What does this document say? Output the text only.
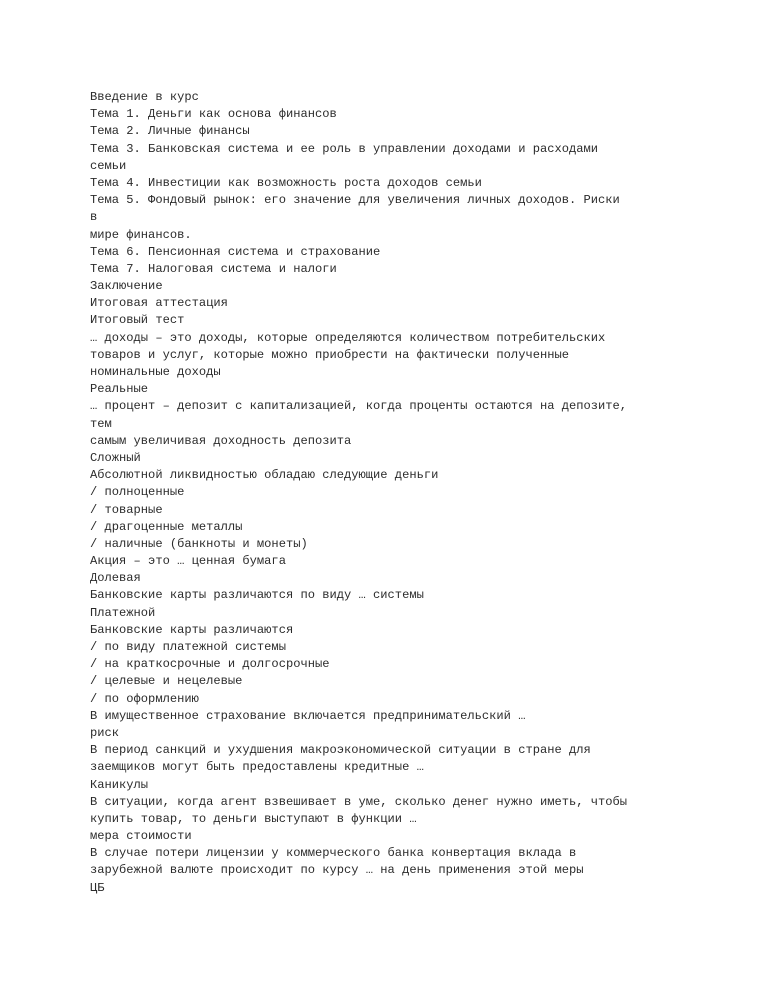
Введение в курс
Тема 1. Деньги как основа финансов
Тема 2. Личные финансы
Тема 3. Банковская система и ее роль в управлении доходами и расходами
семьи
Тема 4. Инвестиции как возможность роста доходов семьи
Тема 5. Фондовый рынок: его значение для увеличения личных доходов. Риски
в
мире финансов.
Тема 6. Пенсионная система и страхование
Тема 7. Налоговая система и налоги
Заключение
Итоговая аттестация
Итоговый тест
… доходы – это доходы, которые определяются количеством потребительских
товаров и услуг, которые можно приобрести на фактически полученные
номинальные доходы
Реальные
… процент – депозит с капитализацией, когда проценты остаются на депозите,
тем
самым увеличивая доходность депозита
Сложный
Абсолютной ликвидностью обладаю следующие деньги
/ полноценные
/ товарные
/ драгоценные металлы
/ наличные (банкноты и монеты)
Акция – это … ценная бумага
Долевая
Банковские карты различаются по виду … системы
Платежной
Банковские карты различаются
/ по виду платежной системы
/ на краткосрочные и долгосрочные
/ целевые и нецелевые
/ по оформлению
В имущественное страхование включается предпринимательский …
риск
В период санкций и ухудшения макроэкономической ситуации в стране для
заемщиков могут быть предоставлены кредитные …
Каникулы
В ситуации, когда агент взвешивает в уме, сколько денег нужно иметь, чтобы
купить товар, то деньги выступают в функции …
мера стоимости
В случае потери лицензии у коммерческого банка конвертация вклада в
зарубежной валюте происходит по курсу … на день применения этой меры
ЦБ
